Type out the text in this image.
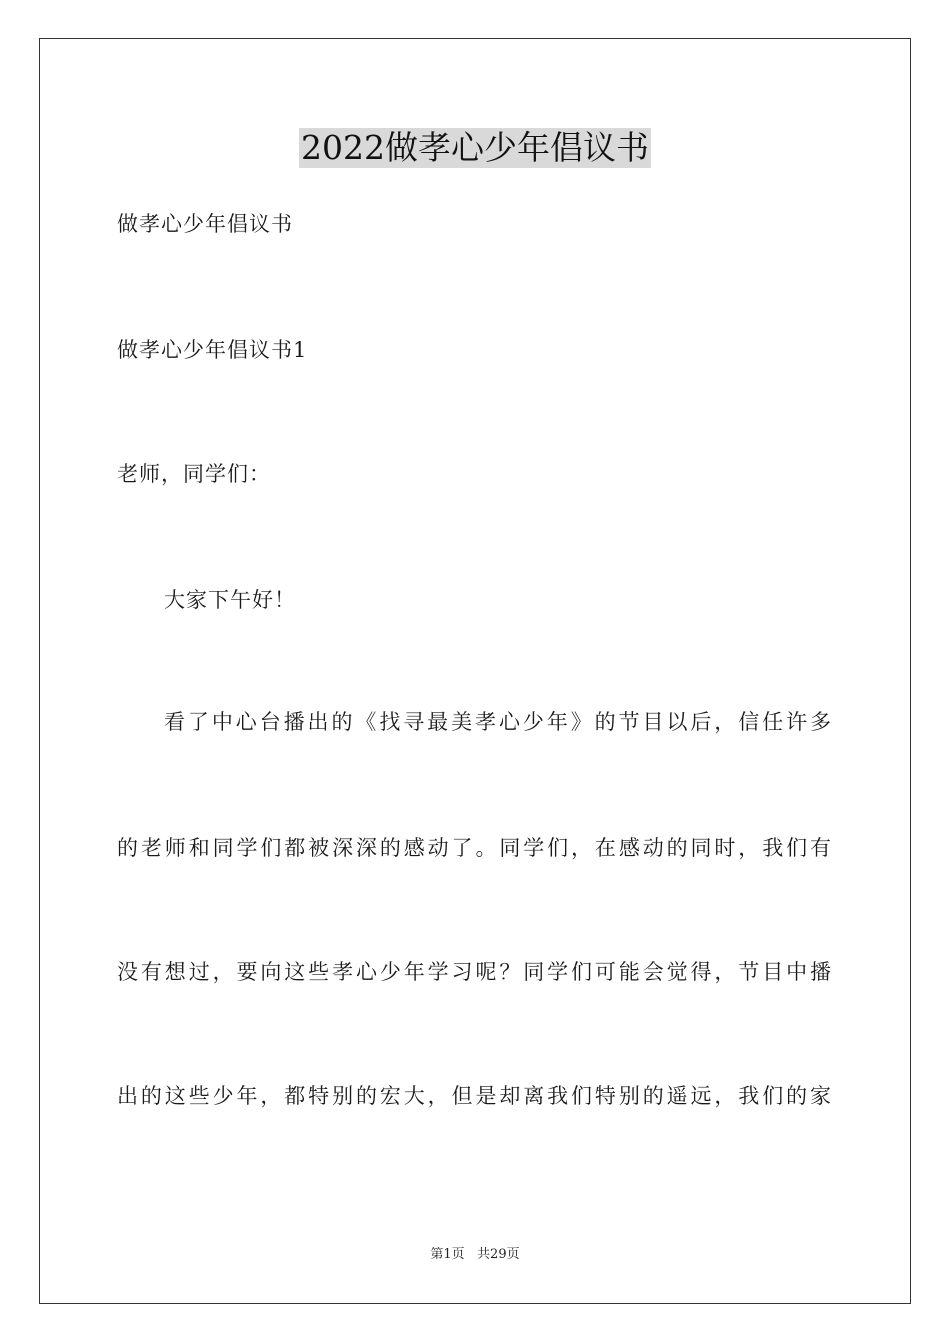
2022做孝心少年倡议书
做孝心少年倡议书
做孝心少年倡议书1
老师，同学们：
大家下午好！
看了中心台播出的《找寻最美孝心少年》的节目以后，信任许多
的老师和同学们都被深深的感动了。同学们，在感动的同时，我们有
没有想过，要向这些孝心少年学习呢？同学们可能会觉得，节目中播
出的这些少年，都特别的宏大，但是却离我们特别的遥远，我们的家
第1页   共29页
